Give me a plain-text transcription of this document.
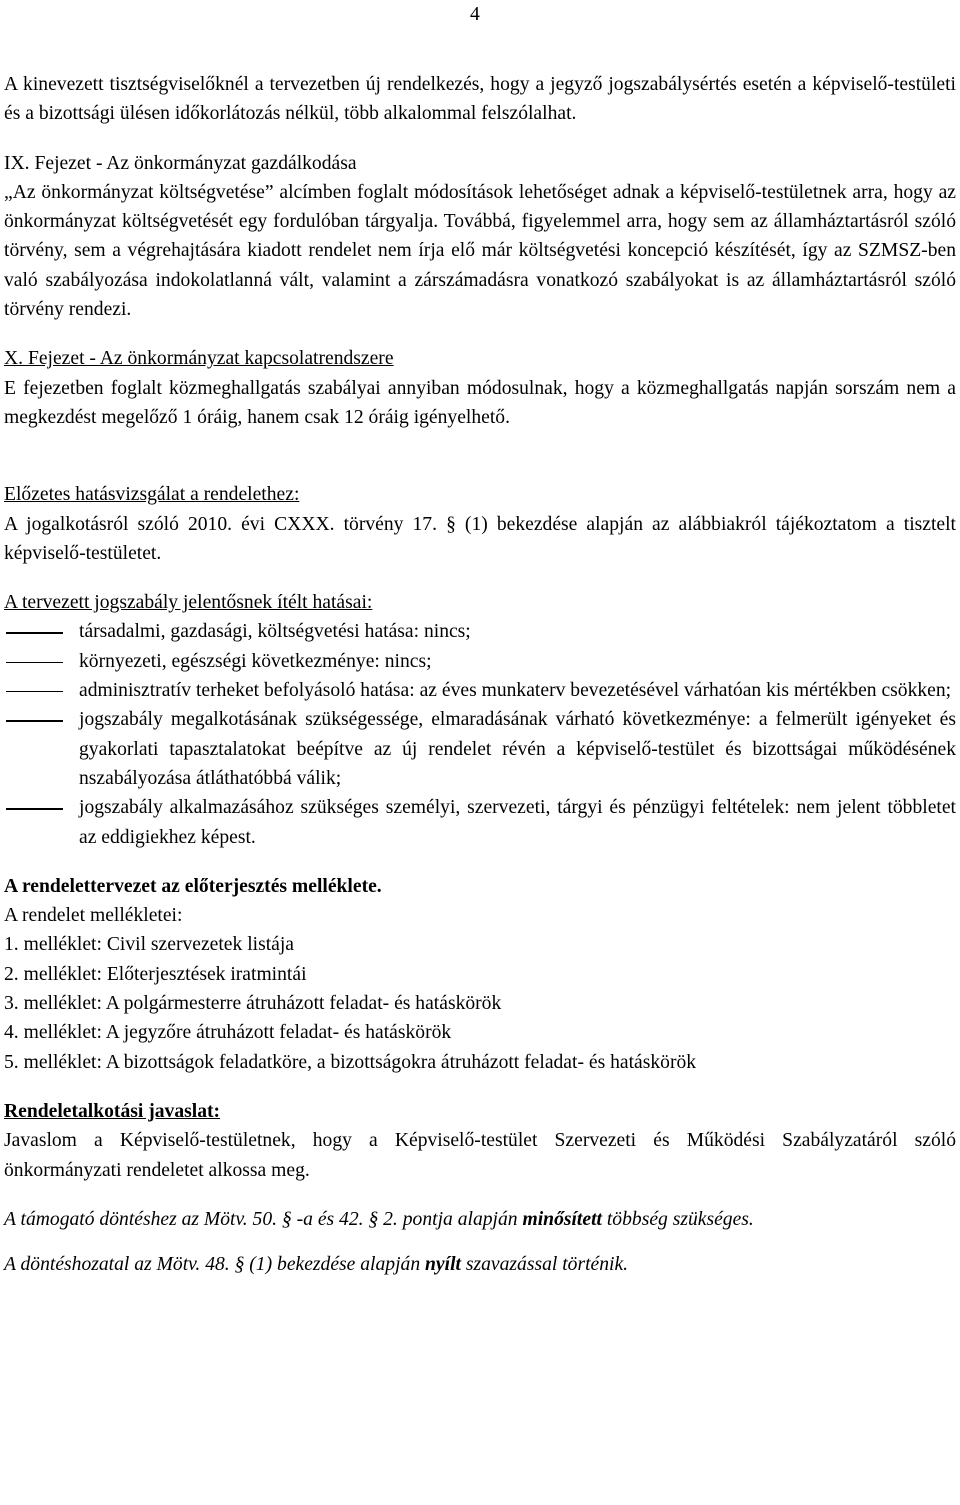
4

A kinevezett tisztségviselőknél a tervezetben új rendelkezés, hogy a jegyző jogszabálysértés esetén a képviselő-testületi és a bizottsági ülésen időkorlátozás nélkül, több alkalommal felszólalhat.

IX. Fejezet - Az önkormányzat gazdálkodása

„Az önkormányzat költségvetése” alcímben foglalt módosítások lehetőséget adnak a képviselő-testületnek arra, hogy az önkormányzat költségvetését egy fordulóban tárgyalja. Továbbá, figyelemmel arra, hogy sem az államháztartásról szóló törvény, sem a végrehajtására kiadott rendelet nem írja elő már költségvetési koncepció készítését, így az SZMSZ-ben való szabályozása indokolatlanná vált, valamint a zárszámadásra vonatkozó szabályokat is az államháztartásról szóló törvény rendezi.

X. Fejezet - Az önkormányzat kapcsolatrendszere

E fejezetben foglalt közmeghallgatás szabályai annyiban módosulnak, hogy a közmeghallgatás napján sorszám nem a megkezdést megelőző 1 óráig, hanem csak 12 óráig igényelhető.

Előzetes hatásvizsgálat a rendelethez:

A jogalkotásról szóló 2010. évi CXXX. törvény 17. § (1) bekezdése alapján az alábbiakról tájékoztatom a tisztelt képviselő-testületet.

A tervezett jogszabály jelentősnek ítélt hatásai:
társadalmi, gazdasági, költségvetési hatása: nincs;
környezeti, egészségi következménye: nincs;
adminisztratív terheket befolyásoló hatása: az éves munkaterv bevezetésével várhatóan kis mértékben csökken;
jogszabály megalkotásának szükségessége, elmaradásának várható következménye: a felmerült igényeket és gyakorlati tapasztalatokat beépítve az új rendelet révén a képviselő-testület és bizottságai működésének nszabályozása átláthatóbbá válik;
jogszabály alkalmazásához szükséges személyi, szervezeti, tárgyi és pénzügyi feltételek: nem jelent többletet az eddigiekhez képest.
A rendelettervezet az előterjesztés melléklete.
A rendelet mellékletei:
1. melléklet: Civil szervezetek listája
2. melléklet: Előterjesztések iratmintái
3. melléklet: A polgármesterre átruházott feladat- és hatáskörök
4. melléklet: A jegyzőre átruházott feladat- és hatáskörök
5. melléklet: A bizottságok feladatköre, a bizottságokra átruházott feladat- és hatáskörök
Rendeletalkotási javaslat:

Javaslom a Képviselő-testületnek, hogy a Képviselő-testület Szervezeti és Működési Szabályzatáról szóló önkormányzati rendeletet alkossa meg.

A támogató döntéshez az Mötv. 50. § -a és 42. § 2. pontja alapján minősített többség szükséges.

A döntéshozatal az Mötv. 48. § (1) bekezdése alapján nyílt szavazással történik.
